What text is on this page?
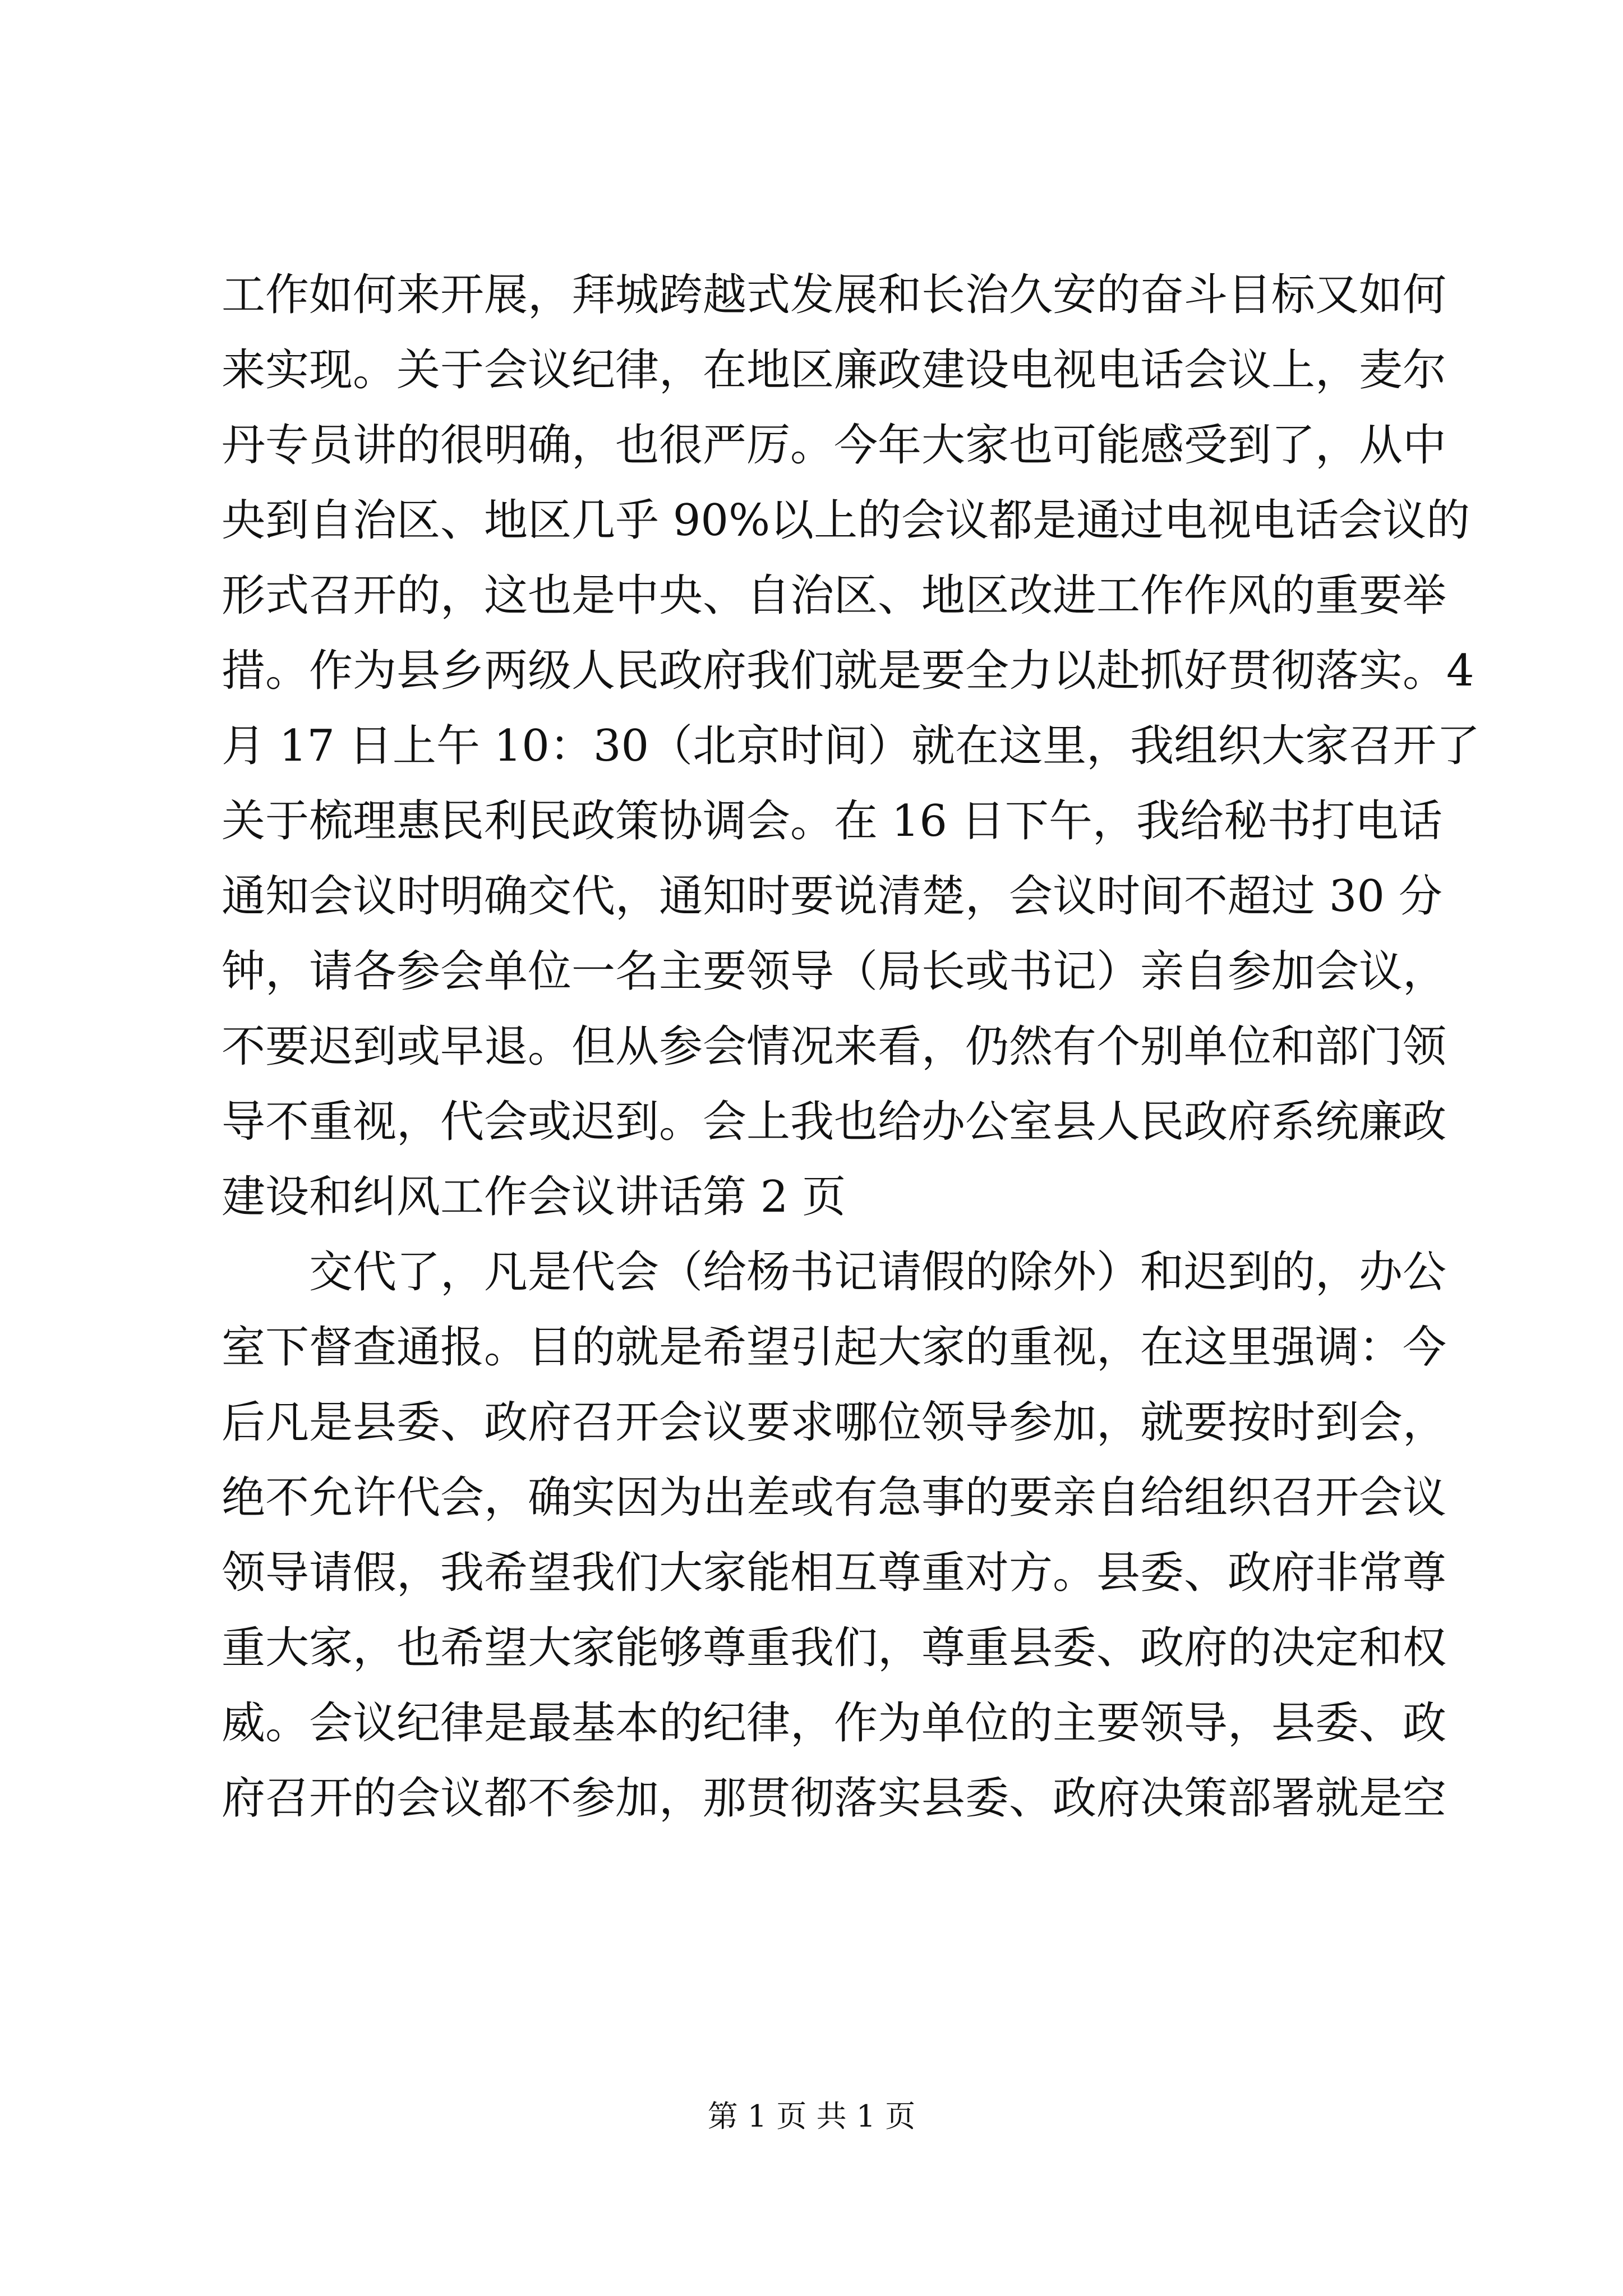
工作如何来开展，拜城跨越式发展和长治久安的奋斗目标又如何
来实现。关于会议纪律，在地区廉政建设电视电话会议上，麦尔
丹专员讲的很明确，也很严厉。今年大家也可能感受到了，从中
央到自治区、地区几乎 90%以上的会议都是通过电视电话会议的
形式召开的，这也是中央、自治区、地区改进工作作风的重要举
措。作为县乡两级人民政府我们就是要全力以赴抓好贯彻落实。4
月 17 日上午 10：30（北京时间）就在这里，我组织大家召开了
关于梳理惠民利民政策协调会。在 16 日下午，我给秘书打电话
通知会议时明确交代，通知时要说清楚，会议时间不超过 30 分
钟，请各参会单位一名主要领导（局长或书记）亲自参加会议，
不要迟到或早退。但从参会情况来看，仍然有个别单位和部门领
导不重视，代会或迟到。会上我也给办公室县人民政府系统廉政
建设和纠风工作会议讲话第 2 页
　　交代了，凡是代会（给杨书记请假的除外）和迟到的，办公
室下督查通报。目的就是希望引起大家的重视，在这里强调：今
后凡是县委、政府召开会议要求哪位领导参加，就要按时到会，
绝不允许代会，确实因为出差或有急事的要亲自给组织召开会议
领导请假，我希望我们大家能相互尊重对方。县委、政府非常尊
重大家，也希望大家能够尊重我们，尊重县委、政府的决定和权
威。会议纪律是最基本的纪律，作为单位的主要领导，县委、政
府召开的会议都不参加，那贯彻落实县委、政府决策部署就是空
第 1 页 共 1 页
